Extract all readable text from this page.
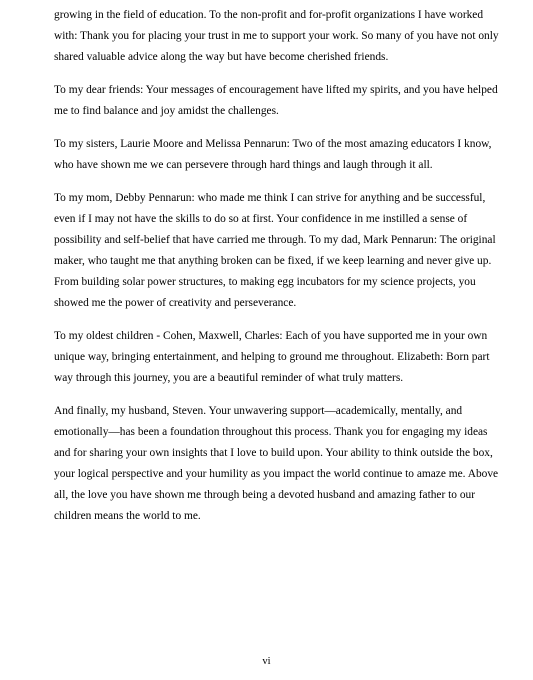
growing in the field of education. To the non-profit and for-profit organizations I have worked with: Thank you for placing your trust in me to support your work. So many of you have not only shared valuable advice along the way but have become cherished friends.

To my dear friends: Your messages of encouragement have lifted my spirits, and you have helped me to find balance and joy amidst the challenges.

To my sisters, Laurie Moore and Melissa Pennarun: Two of the most amazing educators I know, who have shown me we can persevere through hard things and laugh through it all.

To my mom, Debby Pennarun: who made me think I can strive for anything and be successful, even if I may not have the skills to do so at first. Your confidence in me instilled a sense of possibility and self-belief that have carried me through. To my dad, Mark Pennarun: The original maker, who taught me that anything broken can be fixed, if we keep learning and never give up. From building solar power structures, to making egg incubators for my science projects, you showed me the power of creativity and perseverance.

To my oldest children - Cohen, Maxwell, Charles: Each of you have supported me in your own unique way, bringing entertainment, and helping to ground me throughout. Elizabeth: Born part way through this journey, you are a beautiful reminder of what truly matters.

And finally, my husband, Steven. Your unwavering support—academically, mentally, and emotionally—has been a foundation throughout this process. Thank you for engaging my ideas and for sharing your own insights that I love to build upon. Your ability to think outside the box, your logical perspective and your humility as you impact the world continue to amaze me. Above all, the love you have shown me through being a devoted husband and amazing father to our children means the world to me.

vi
